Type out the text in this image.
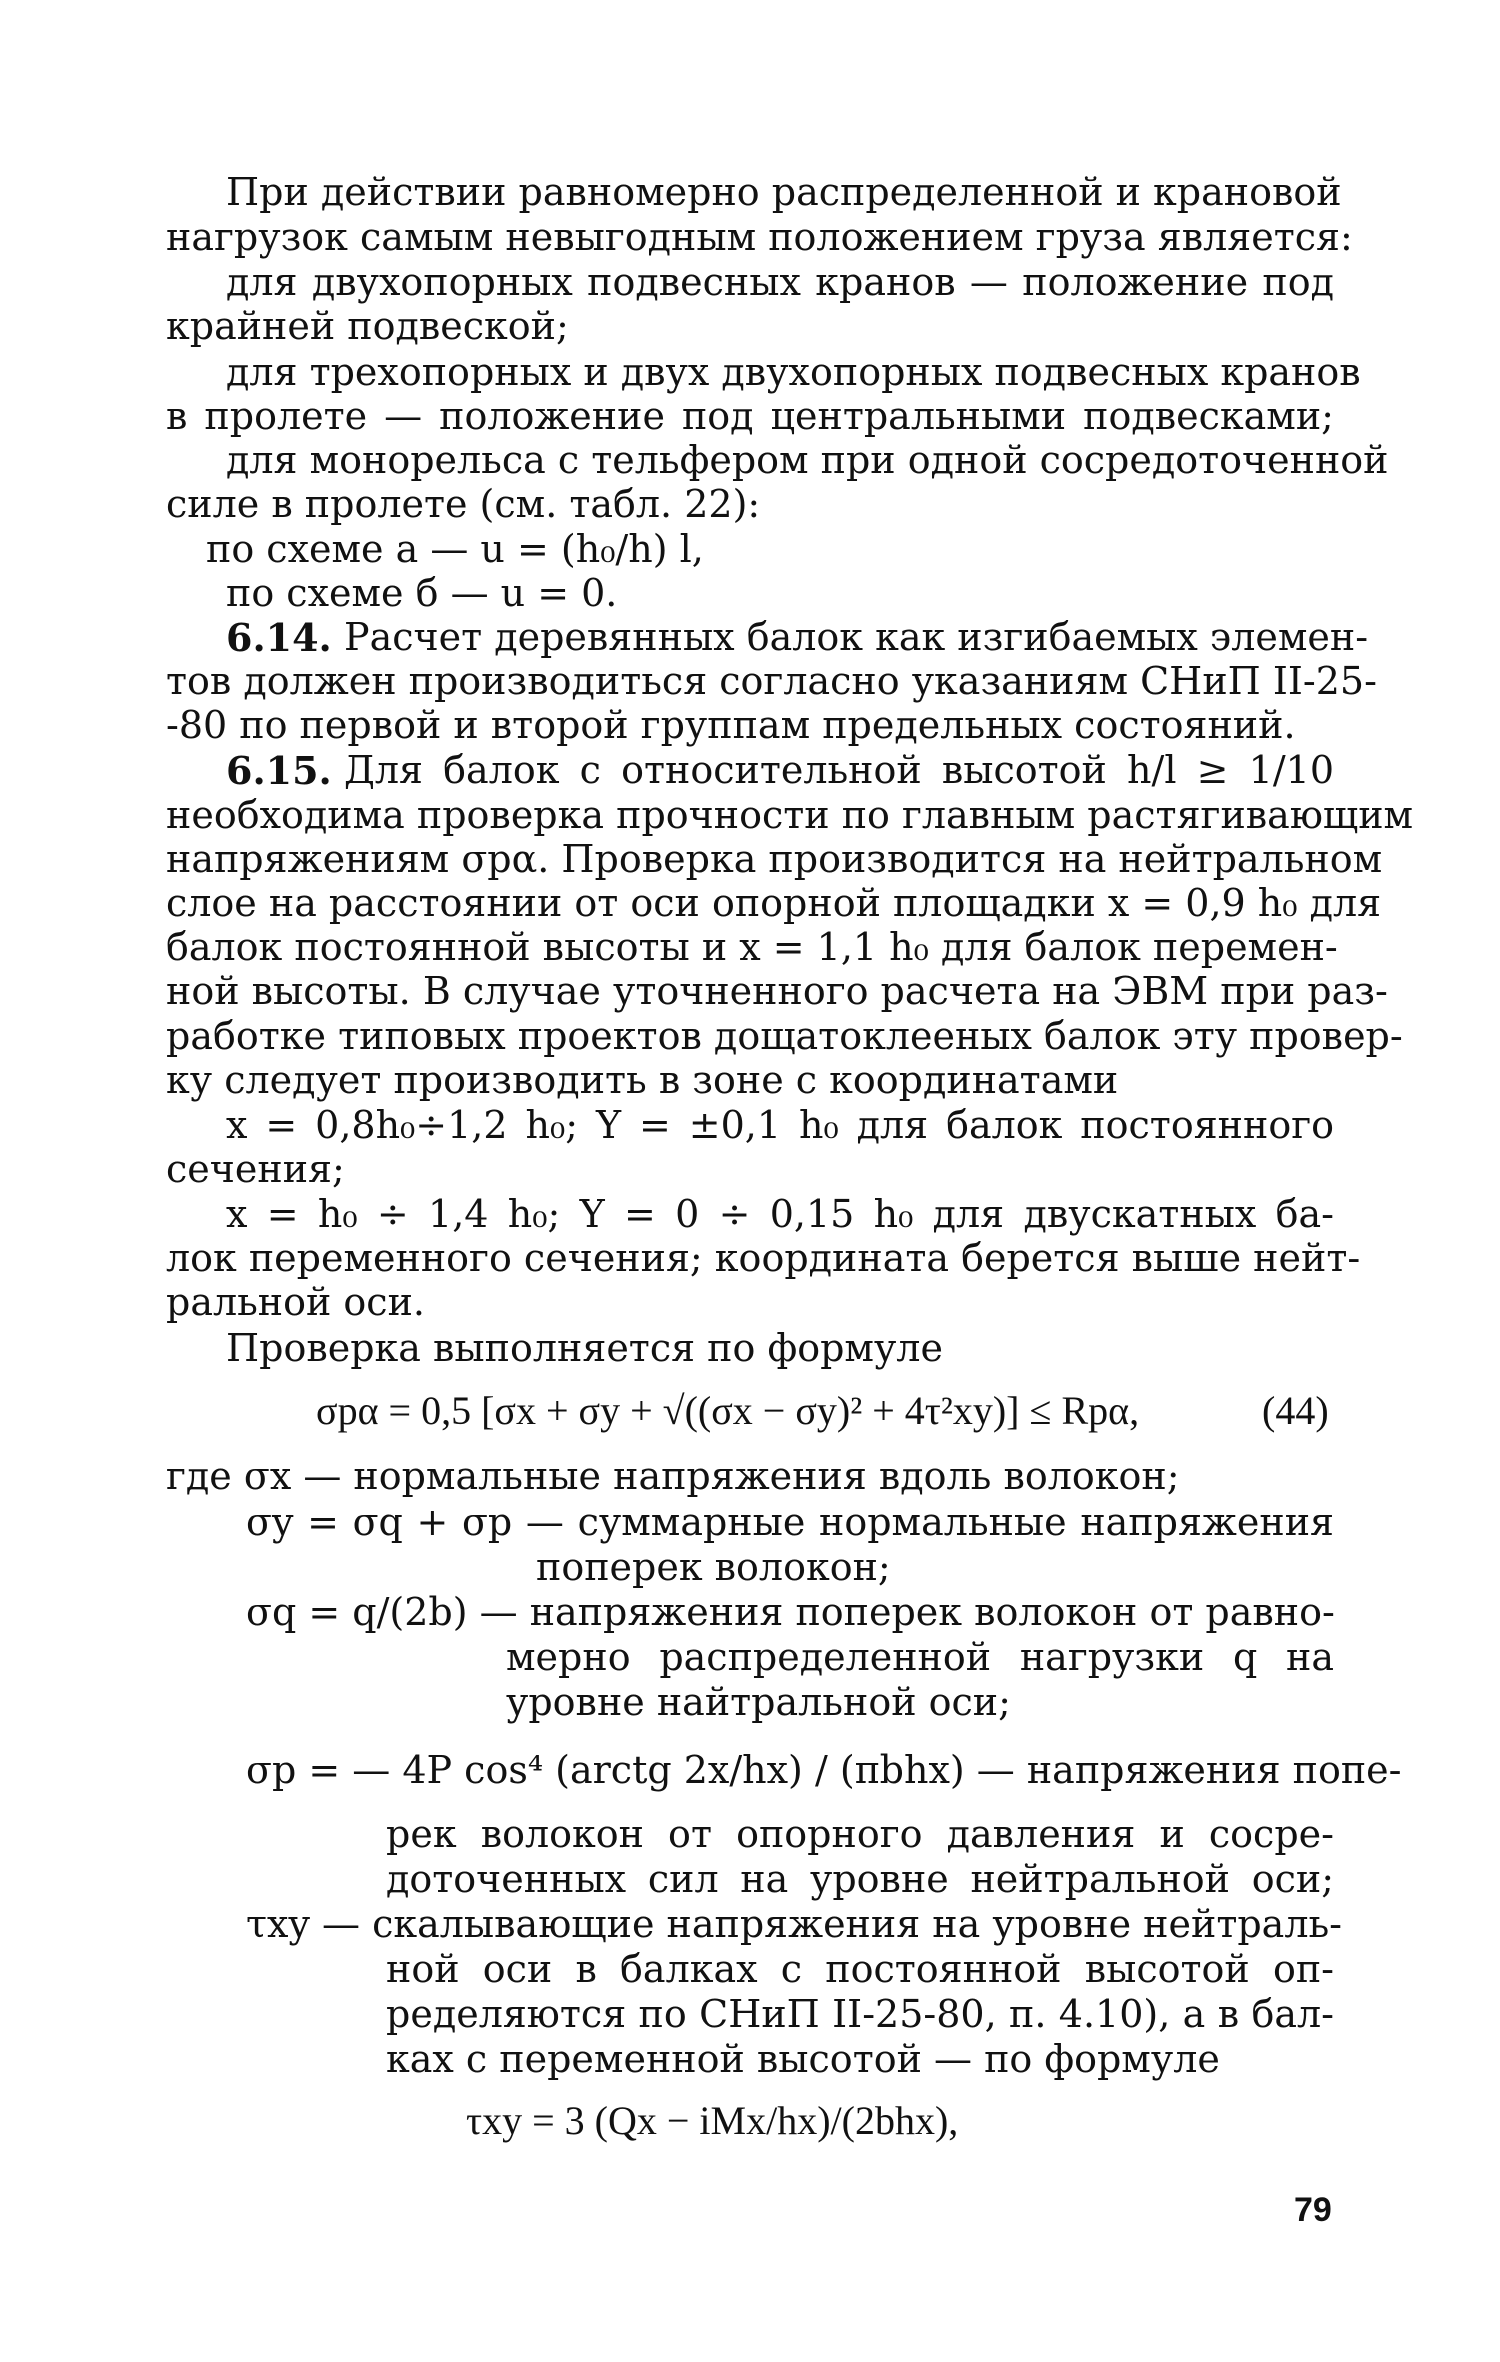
При действии равномерно распределенной и крановой
нагрузок самым невыгодным положением груза является:
для двухопорных подвесных кранов — положение под
крайней подвеской;
для трехопорных и двух двухопорных подвесных кранов
в пролете — положение под центральными подвесками;
для монорельса с тельфером при одной сосредоточенной
силе в пролете (см. табл. 22):
по схеме а — u = (h₀/h) l,
по схеме б — u = 0.
6.14. Расчет деревянных балок как изгибаемых элемен-
тов должен производиться согласно указаниям СНиП II-25-
-80 по первой и второй группам предельных состояний.
6.15. Для балок с относительной высотой h/l ≥ 1/10
необходима проверка прочности по главным растягивающим
напряжениям σpα. Проверка производится на нейтральном
слое на расстоянии от оси опорной площадки x = 0,9 h₀ для
балок постоянной высоты и x = 1,1 h₀ для балок перемен-
ной высоты. В случае уточненного расчета на ЭВМ при раз-
работке типовых проектов дощатоклееных балок эту провер-
ку следует производить в зоне с координатами
x = 0,8h₀÷1,2 h₀; Y = ±0,1 h₀ для балок постоянного
сечения;
x = h₀ ÷ 1,4 h₀; Y = 0 ÷ 0,15 h₀ для двускатных ба-
лок переменного сечения; координата берется выше нейт-
ральной оси.
Проверка выполняется по формуле
σpα = 0,5 [σx + σy + √((σx − σy)² + 4τ²xy)] ≤ Rpα,	(44)
где σx — нормальные напряжения вдоль волокон;
σy = σq + σp — суммарные нормальные напряжения
поперек волокон;
σq = q/(2b) — напряжения поперек волокон от равно-
мерно распределенной нагрузки q на
уровне найтральной оси;
σp = — 4P cos⁴ (arctg 2x/hx) / (πbhx) — напряжения попе-
рек волокон от опорного давления и сосре-
доточенных сил на уровне нейтральной оси;
τxy — скалывающие напряжения на уровне нейтраль-
ной оси в балках с постоянной высотой оп-
ределяются по СНиП II-25-80, п. 4.10), а в бал-
ках с переменной высотой — по формуле
τxy = 3 (Qx − iMx/hx)/(2bhx),
79
